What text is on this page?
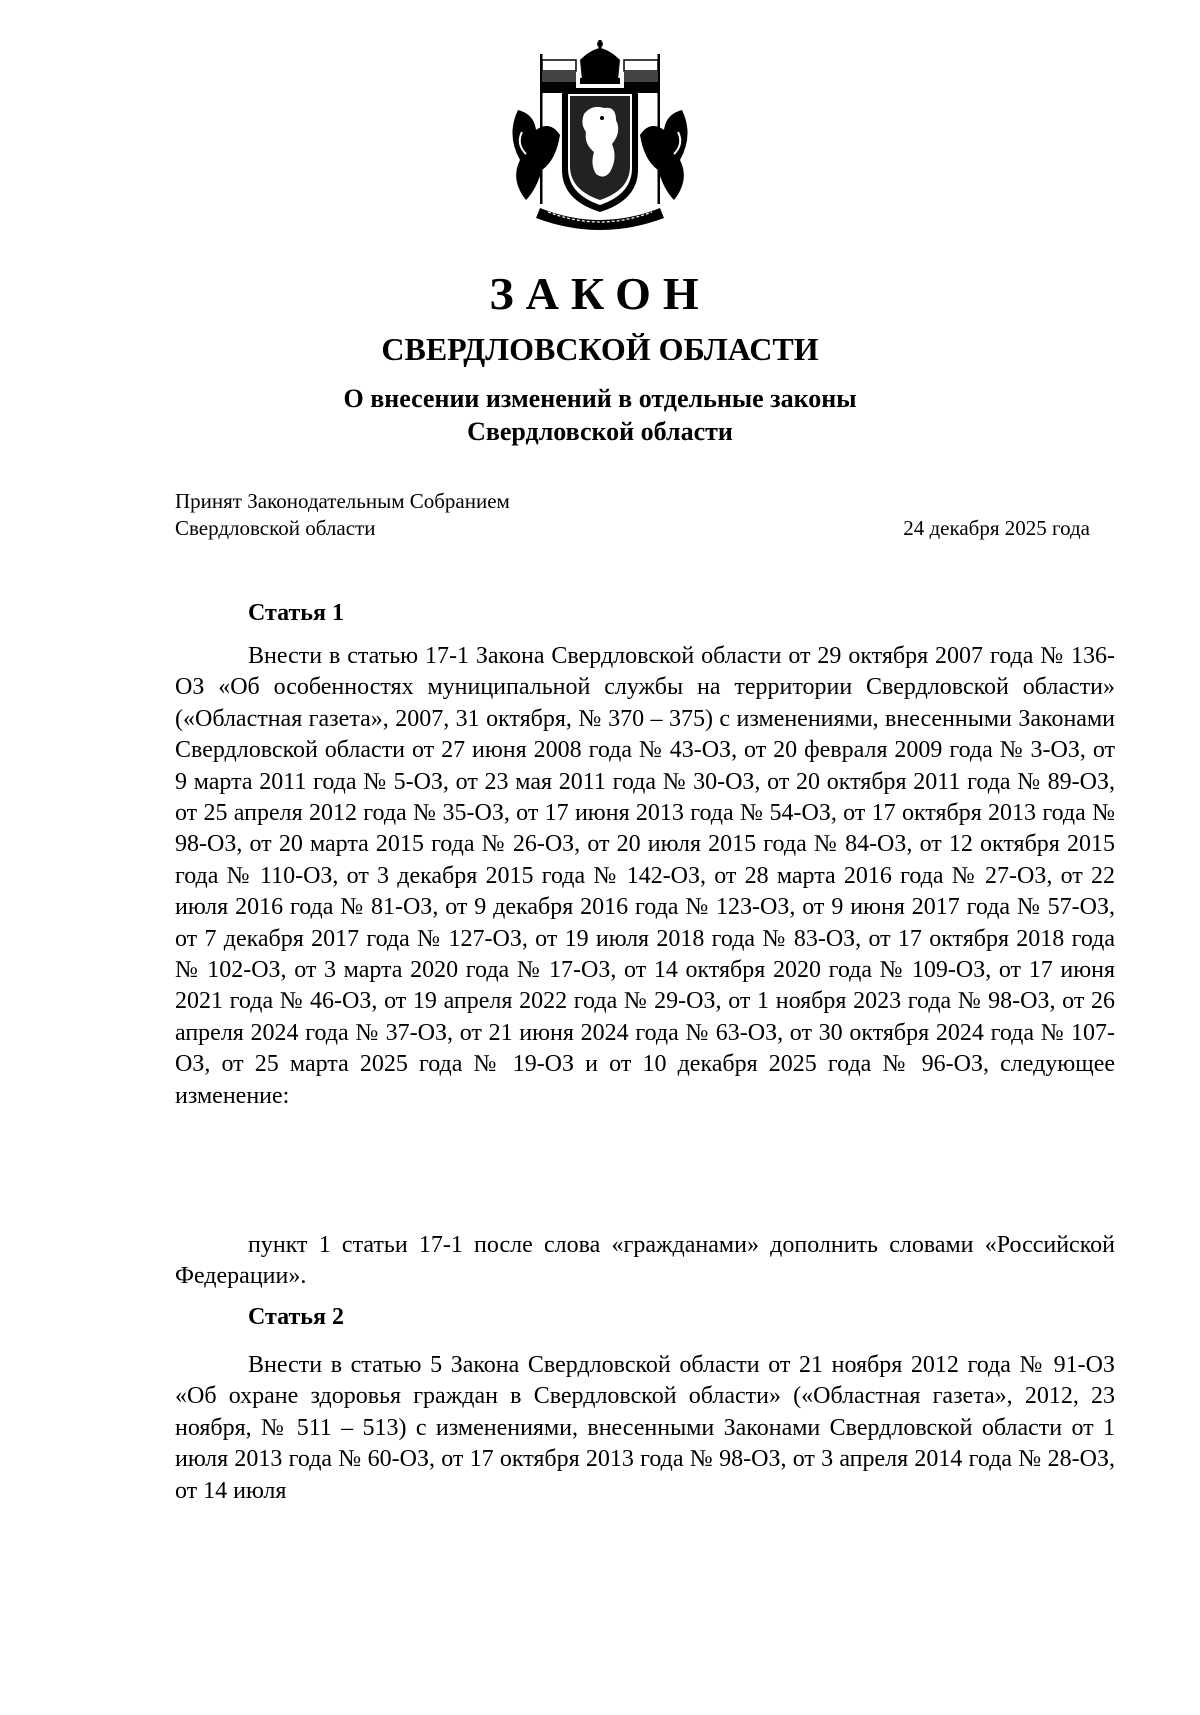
ЗАКОН
СВЕРДЛОВСКОЙ ОБЛАСТИ
О внесении изменений в отдельные законы
Свердловской области
Принят Законодательным Собранием
Свердловской области	24 декабря 2025 года
Статья 1
Внести в статью 17-1 Закона Свердловской области от 29 октября 2007 года № 136-ОЗ «Об особенностях муниципальной службы на территории Свердловской области» («Областная газета», 2007, 31 октября, № 370 – 375) с изменениями, внесенными Законами Свердловской области от 27 июня 2008 года № 43-ОЗ, от 20 февраля 2009 года № 3-ОЗ, от 9 марта 2011 года № 5-ОЗ, от 23 мая 2011 года № 30-ОЗ, от 20 октября 2011 года № 89-ОЗ, от 25 апреля 2012 года № 35-ОЗ, от 17 июня 2013 года № 54-ОЗ, от 17 октября 2013 года № 98-ОЗ, от 20 марта 2015 года № 26-ОЗ, от 20 июля 2015 года № 84-ОЗ, от 12 октября 2015 года № 110-ОЗ, от 3 декабря 2015 года № 142-ОЗ, от 28 марта 2016 года № 27-ОЗ, от 22 июля 2016 года № 81-ОЗ, от 9 декабря 2016 года № 123-ОЗ, от 9 июня 2017 года № 57-ОЗ, от 7 декабря 2017 года № 127-ОЗ, от 19 июля 2018 года № 83-ОЗ, от 17 октября 2018 года № 102-ОЗ, от 3 марта 2020 года № 17-ОЗ, от 14 октября 2020 года № 109-ОЗ, от 17 июня 2021 года № 46-ОЗ, от 19 апреля 2022 года № 29-ОЗ, от 1 ноября 2023 года № 98-ОЗ, от 26 апреля 2024 года № 37-ОЗ, от 21 июня 2024 года № 63-ОЗ, от 30 октября 2024 года № 107-ОЗ, от 25 марта 2025 года № 19-ОЗ и от 10 декабря 2025 года № 96-ОЗ, следующее изменение:
пункт 1 статьи 17-1 после слова «гражданами» дополнить словами «Российской Федерации».
Статья 2
Внести в статью 5 Закона Свердловской области от 21 ноября 2012 года № 91-ОЗ «Об охране здоровья граждан в Свердловской области» («Областная газета», 2012, 23 ноября, № 511 – 513) с изменениями, внесенными Законами Свердловской области от 1 июля 2013 года № 60-ОЗ, от 17 октября 2013 года № 98-ОЗ, от 3 апреля 2014 года № 28-ОЗ, от 14 июля
